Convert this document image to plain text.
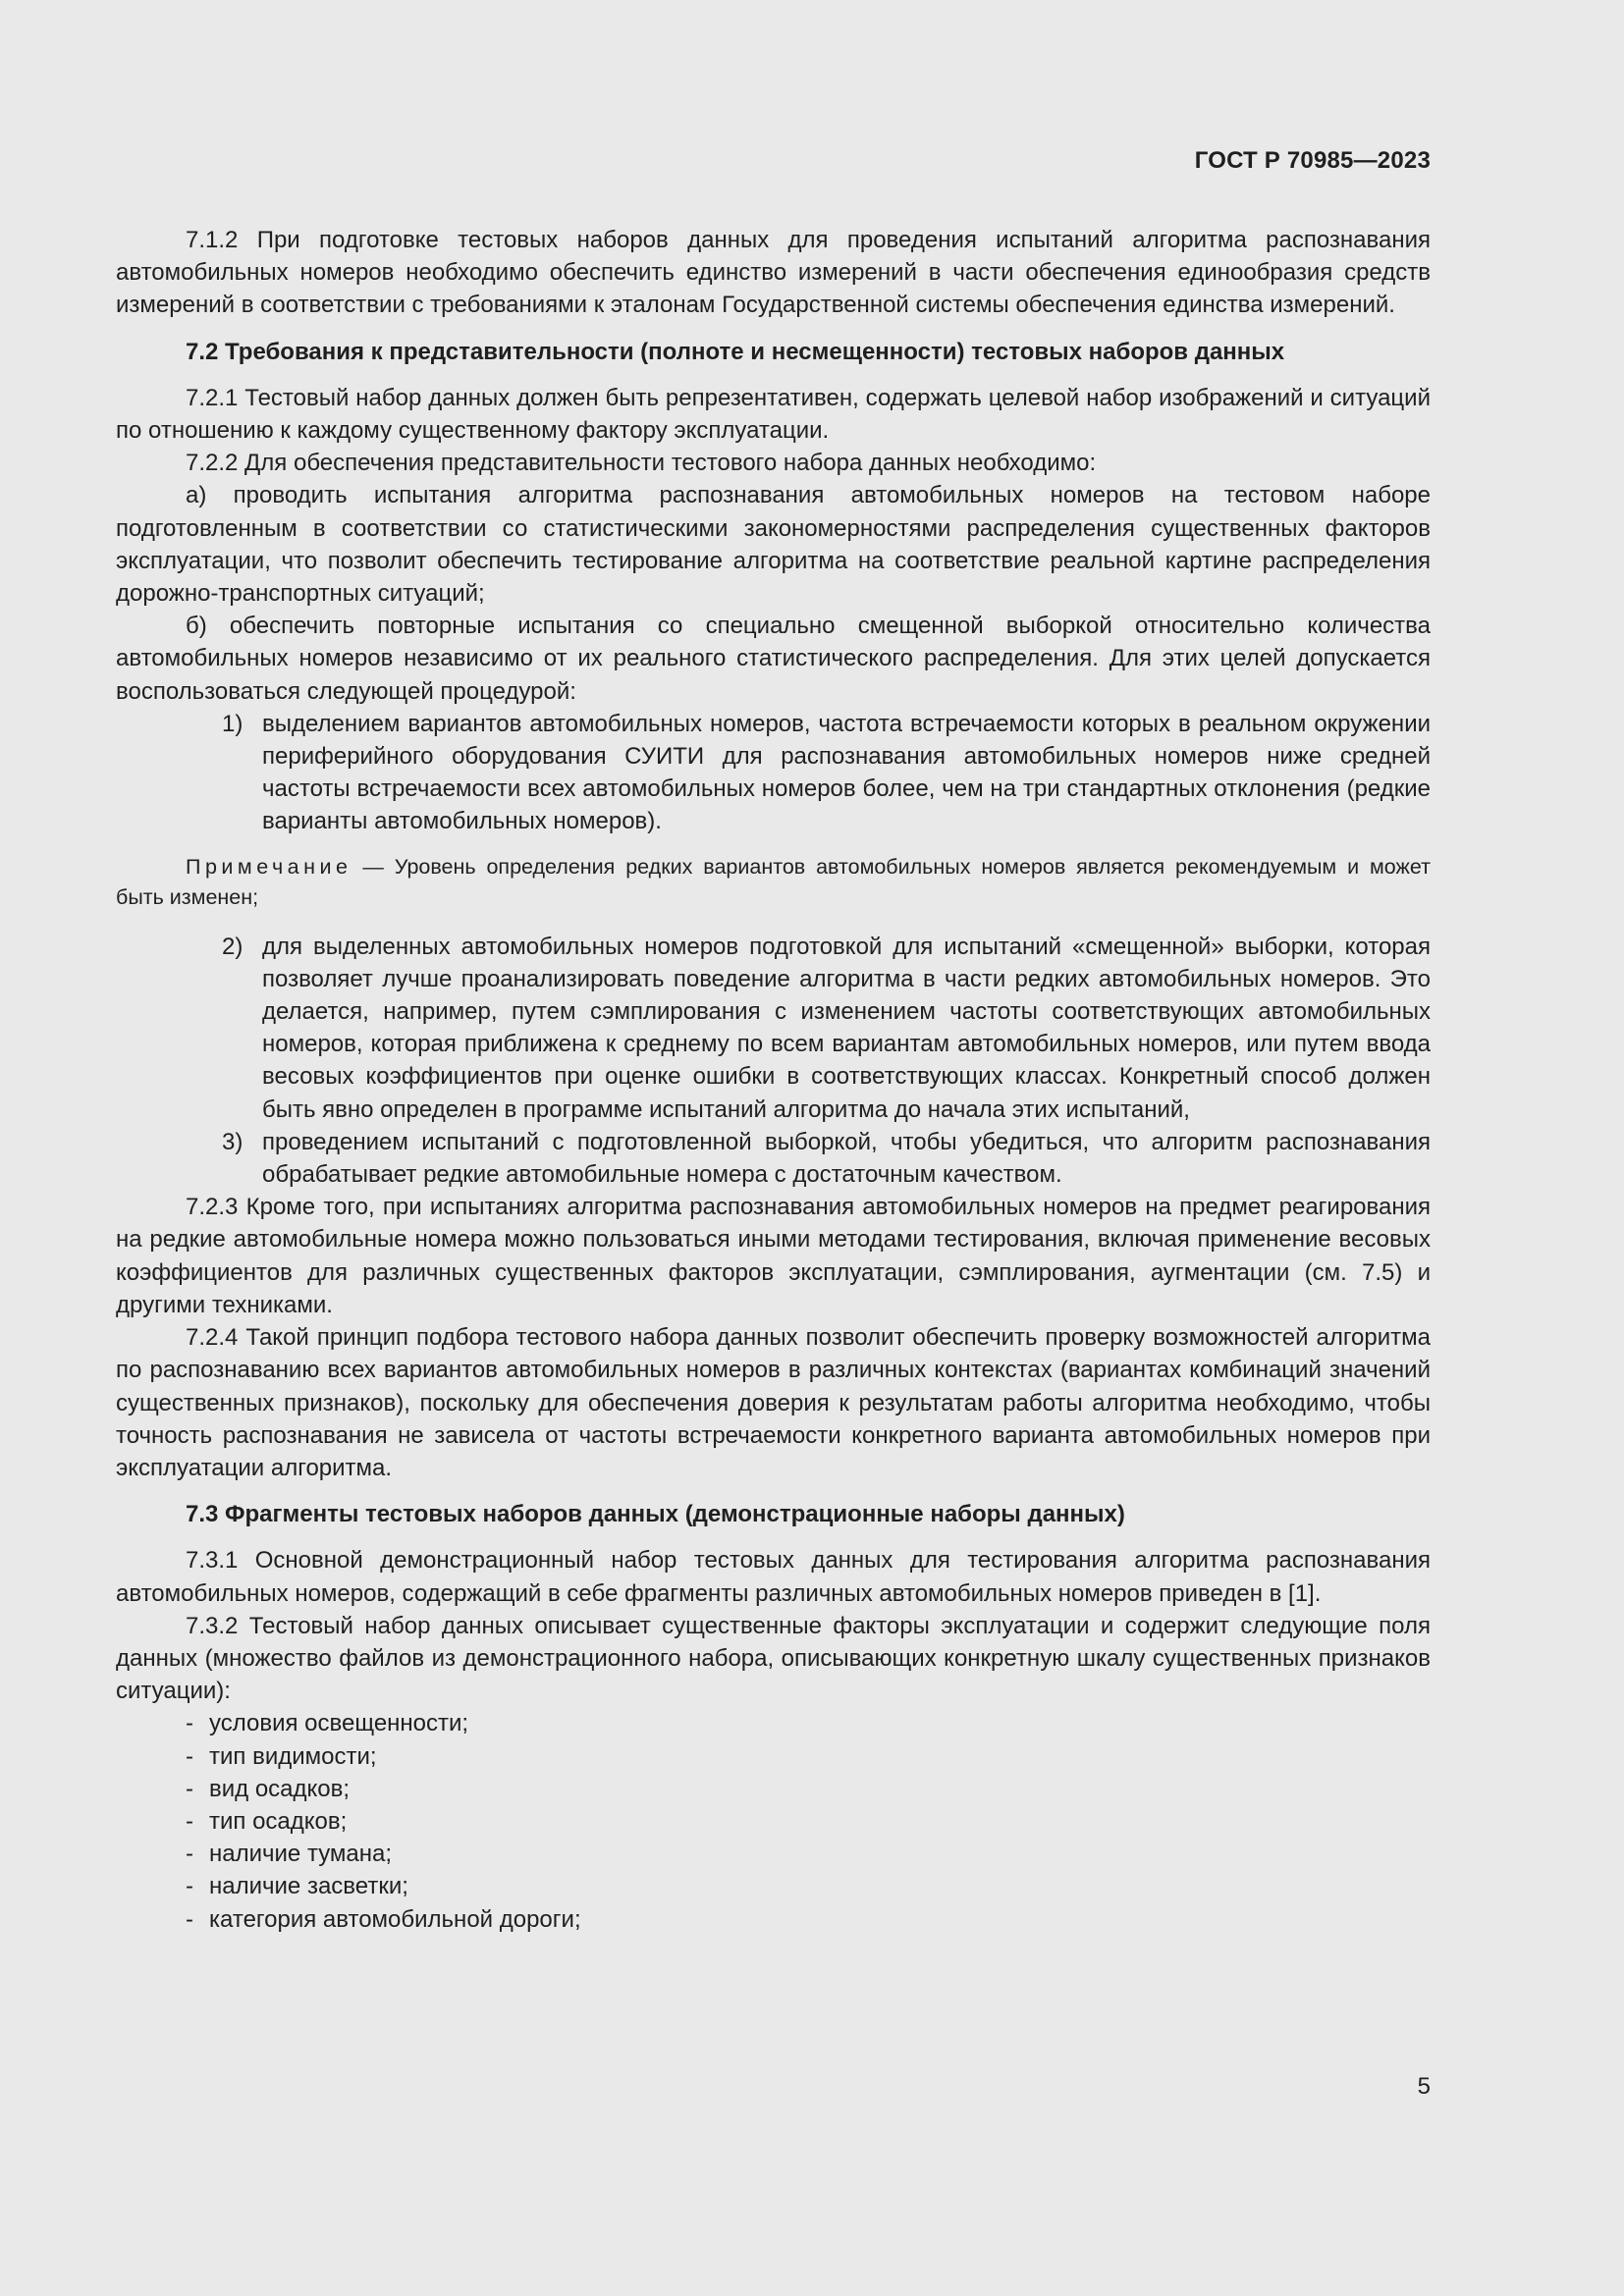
ГОСТ Р 70985—2023

7.1.2 При подготовке тестовых наборов данных для проведения испытаний алгоритма распознавания автомобильных номеров необходимо обеспечить единство измерений в части обеспечения единообразия средств измерений в соответствии с требованиями к эталонам Государственной системы обеспечения единства измерений.

7.2 Требования к представительности (полноте и несмещенности) тестовых наборов данных

7.2.1 Тестовый набор данных должен быть репрезентативен, содержать целевой набор изображений и ситуаций по отношению к каждому существенному фактору эксплуатации.

7.2.2 Для обеспечения представительности тестового набора данных необходимо:

а) проводить испытания алгоритма распознавания автомобильных номеров на тестовом наборе подготовленным в соответствии со статистическими закономерностями распределения существенных факторов эксплуатации, что позволит обеспечить тестирование алгоритма на соответствие реальной картине распределения дорожно-транспортных ситуаций;

б) обеспечить повторные испытания со специально смещенной выборкой относительно количества автомобильных номеров независимо от их реального статистического распределения. Для этих целей допускается воспользоваться следующей процедурой:

1) выделением вариантов автомобильных номеров, частота встречаемости которых в реальном окружении периферийного оборудования СУИТИ для распознавания автомобильных номеров ниже средней частоты встречаемости всех автомобильных номеров более, чем на три стандартных отклонения (редкие варианты автомобильных номеров).

Примечание — Уровень определения редких вариантов автомобильных номеров является рекомендуемым и может быть изменен;

2) для выделенных автомобильных номеров подготовкой для испытаний «смещенной» выборки, которая позволяет лучше проанализировать поведение алгоритма в части редких автомобильных номеров. Это делается, например, путем сэмплирования с изменением частоты соответствующих автомобильных номеров, которая приближена к среднему по всем вариантам автомобильных номеров, или путем ввода весовых коэффициентов при оценке ошибки в соответствующих классах. Конкретный способ должен быть явно определен в программе испытаний алгоритма до начала этих испытаний,
3) проведением испытаний с подготовленной выборкой, чтобы убедиться, что алгоритм распознавания обрабатывает редкие автомобильные номера с достаточным качеством.

7.2.3 Кроме того, при испытаниях алгоритма распознавания автомобильных номеров на предмет реагирования на редкие автомобильные номера можно пользоваться иными методами тестирования, включая применение весовых коэффициентов для различных существенных факторов эксплуатации, сэмплирования, аугментации (см. 7.5) и другими техниками.

7.2.4 Такой принцип подбора тестового набора данных позволит обеспечить проверку возможностей алгоритма по распознаванию всех вариантов автомобильных номеров в различных контекстах (вариантах комбинаций значений существенных признаков), поскольку для обеспечения доверия к результатам работы алгоритма необходимо, чтобы точность распознавания не зависела от частоты встречаемости конкретного варианта автомобильных номеров при эксплуатации алгоритма.

7.3 Фрагменты тестовых наборов данных (демонстрационные наборы данных)

7.3.1 Основной демонстрационный набор тестовых данных для тестирования алгоритма распознавания автомобильных номеров, содержащий в себе фрагменты различных автомобильных номеров приведен в [1].

7.3.2 Тестовый набор данных описывает существенные факторы эксплуатации и содержит следующие поля данных (множество файлов из демонстрационного набора, описывающих конкретную шкалу существенных признаков ситуации):

- условия освещенности;
- тип видимости;
- вид осадков;
- тип осадков;
- наличие тумана;
- наличие засветки;
- категория автомобильной дороги;
5
